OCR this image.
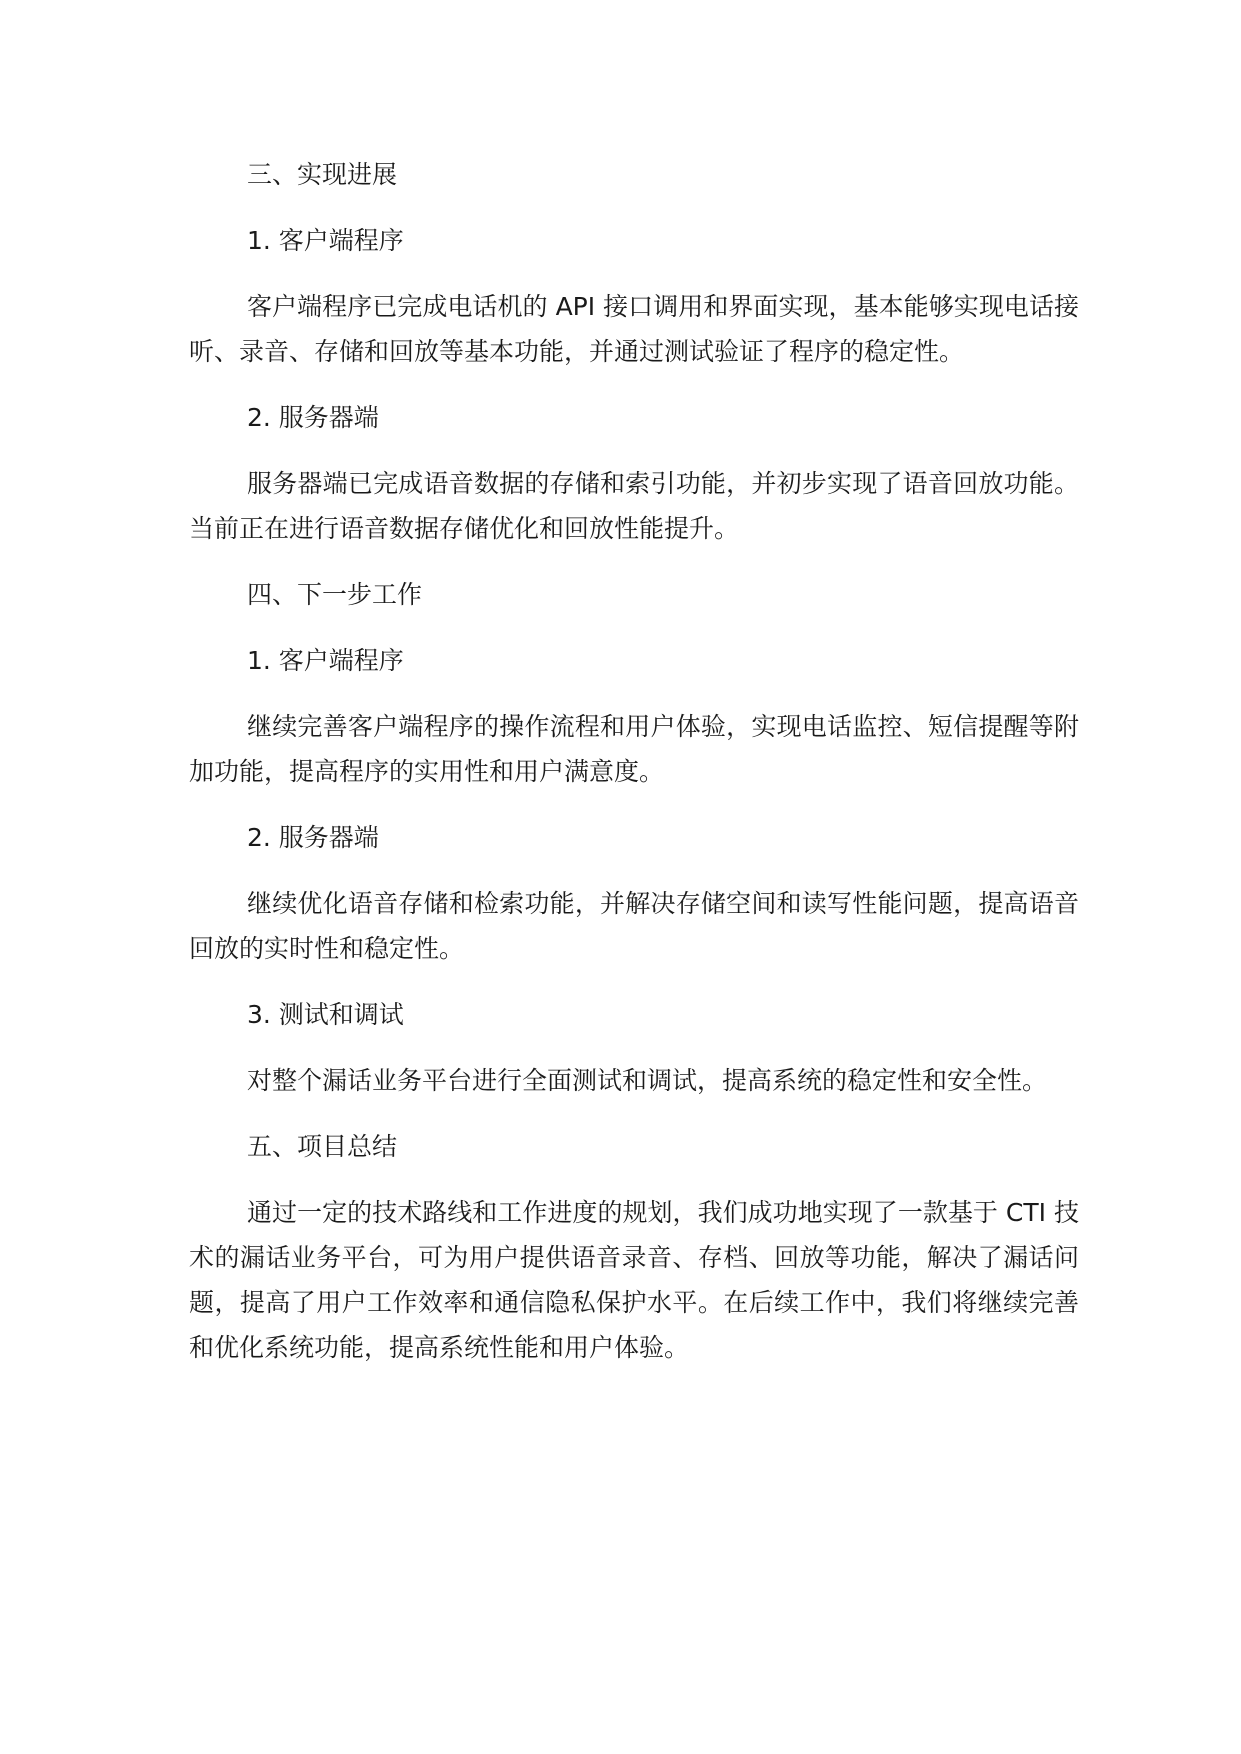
三、实现进展

1. 客户端程序

客户端程序已完成电话机的 API 接口调用和界面实现，基本能够实现电话接听、录音、存储和回放等基本功能，并通过测试验证了程序的稳定性。

2. 服务器端

服务器端已完成语音数据的存储和索引功能，并初步实现了语音回放功能。当前正在进行语音数据存储优化和回放性能提升。

四、下一步工作

1. 客户端程序

继续完善客户端程序的操作流程和用户体验，实现电话监控、短信提醒等附加功能，提高程序的实用性和用户满意度。

2. 服务器端

继续优化语音存储和检索功能，并解决存储空间和读写性能问题，提高语音回放的实时性和稳定性。

3. 测试和调试

对整个漏话业务平台进行全面测试和调试，提高系统的稳定性和安全性。

五、项目总结

通过一定的技术路线和工作进度的规划，我们成功地实现了一款基于 CTI 技术的漏话业务平台，可为用户提供语音录音、存档、回放等功能，解决了漏话问题，提高了用户工作效率和通信隐私保护水平。在后续工作中，我们将继续完善和优化系统功能，提高系统性能和用户体验。
